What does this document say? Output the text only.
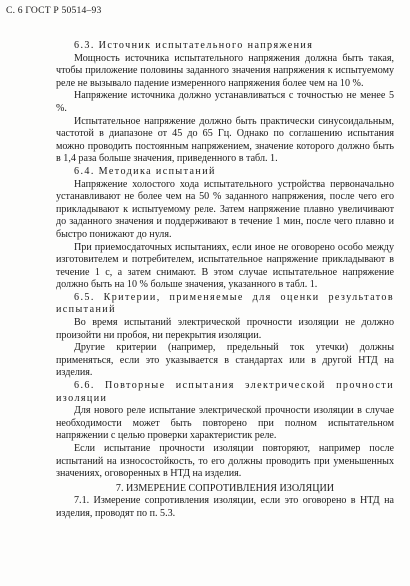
С. 6 ГОСТ Р 50514–93

6.3. Источник испытательного напряжения

Мощность источника испытательного напряжения должна быть такая, чтобы приложение половины заданного значения напряжения к испытуемому реле не вызывало падение измеренного напряжения более чем на 10 %.

Напряжение источника должно устанавливаться с точностью не менее 5 %.

Испытательное напряжение должно быть практически синусоидальным, частотой в диапазоне от 45 до 65 Гц. Однако по соглашению испытания можно проводить постоянным напряжением, значение которого должно быть в 1,4 раза больше значения, приведенного в табл. 1.

6.4. Методика испытаний

Напряжение холостого хода испытательного устройства первоначально устанавливают не более чем на 50 % заданного напряжения, после чего его прикладывают к испытуемому реле. Затем напряжение плавно увеличивают до заданного значения и поддерживают в течение 1 мин, после чего плавно и быстро понижают до нуля.

При приемосдаточных испытаниях, если иное не оговорено особо между изготовителем и потребителем, испытательное напряжение прикладывают в течение 1 с, а затем снимают. В этом случае испытательное напряжение должно быть на 10 % больше значения, указанного в табл. 1.

6.5. Критерии, применяемые для оценки результатов испытаний

Во время испытаний электрической прочности изоляции не должно произойти ни пробоя, ни перекрытия изоляции.

Другие критерии (например, предельный ток утечки) должны применяться, если это указывается в стандартах или в другой НТД на изделия.

6.6. Повторные испытания электрической прочности изоляции

Для нового реле испытание электрической прочности изоляции в случае необходимости может быть повторено при полном испытательном напряжении с целью проверки характеристик реле.

Если испытание прочности изоляции повторяют, например после испытаний на износостойкость, то его должны проводить при уменьшенных значениях, оговоренных в НТД на изделия.

7. ИЗМЕРЕНИЕ СОПРОТИВЛЕНИЯ ИЗОЛЯЦИИ

7.1. Измерение сопротивления изоляции, если это оговорено в НТД на изделия, проводят по п. 5.3.
